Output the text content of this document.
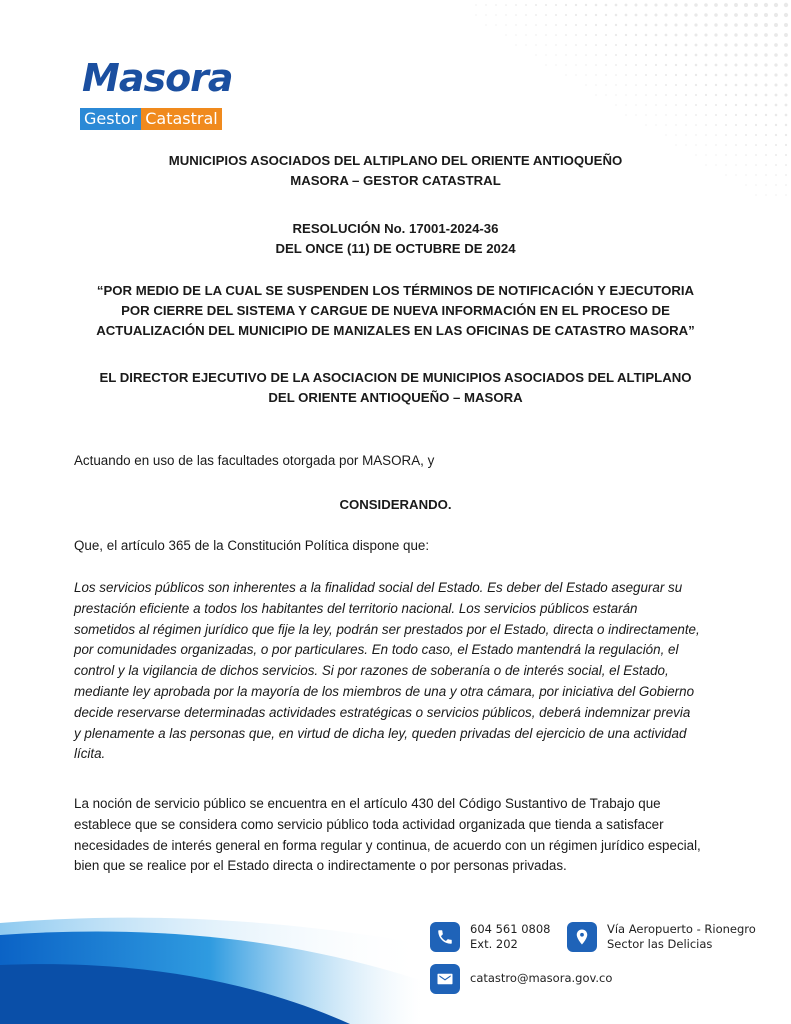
Masora
Gestor Catastral
MUNICIPIOS ASOCIADOS DEL ALTIPLANO DEL ORIENTE ANTIOQUEÑO
MASORA – GESTOR CATASTRAL
RESOLUCIÓN No. 17001-2024-36
DEL ONCE (11) DE OCTUBRE DE 2024
“POR MEDIO DE LA CUAL SE SUSPENDEN LOS TÉRMINOS DE NOTIFICACIÓN Y EJECUTORIA
POR CIERRE DEL SISTEMA Y CARGUE DE NUEVA INFORMACIÓN EN EL PROCESO DE
ACTUALIZACIÓN DEL MUNICIPIO DE MANIZALES EN LAS OFICINAS DE CATASTRO MASORA”
EL DIRECTOR EJECUTIVO DE LA ASOCIACION DE MUNICIPIOS ASOCIADOS DEL ALTIPLANO
DEL ORIENTE ANTIOQUEÑO – MASORA
Actuando en uso de las facultades otorgada por MASORA, y
CONSIDERANDO.
Que, el artículo 365 de la Constitución Política dispone que:
Los servicios públicos son inherentes a la finalidad social del Estado. Es deber del Estado asegurar su
prestación eficiente a todos los habitantes del territorio nacional. Los servicios públicos estarán
sometidos al régimen jurídico que fije la ley, podrán ser prestados por el Estado, directa o indirectamente,
por comunidades organizadas, o por particulares. En todo caso, el Estado mantendrá la regulación, el
control y la vigilancia de dichos servicios. Si por razones de soberanía o de interés social, el Estado,
mediante ley aprobada por la mayoría de los miembros de una y otra cámara, por iniciativa del Gobierno
decide reservarse determinadas actividades estratégicas o servicios públicos, deberá indemnizar previa
y plenamente a las personas que, en virtud de dicha ley, queden privadas del ejercicio de una actividad
lícita.
La noción de servicio público se encuentra en el artículo 430 del Código Sustantivo de Trabajo que
establece que se considera como servicio público toda actividad organizada que tienda a satisfacer
necesidades de interés general en forma regular y continua, de acuerdo con un régimen jurídico especial,
bien que se realice por el Estado directa o indirectamente o por personas privadas.
604 561 0808
Ext. 202
Vía Aeropuerto - Rionegro
Sector las Delicias
catastro@masora.gov.co
